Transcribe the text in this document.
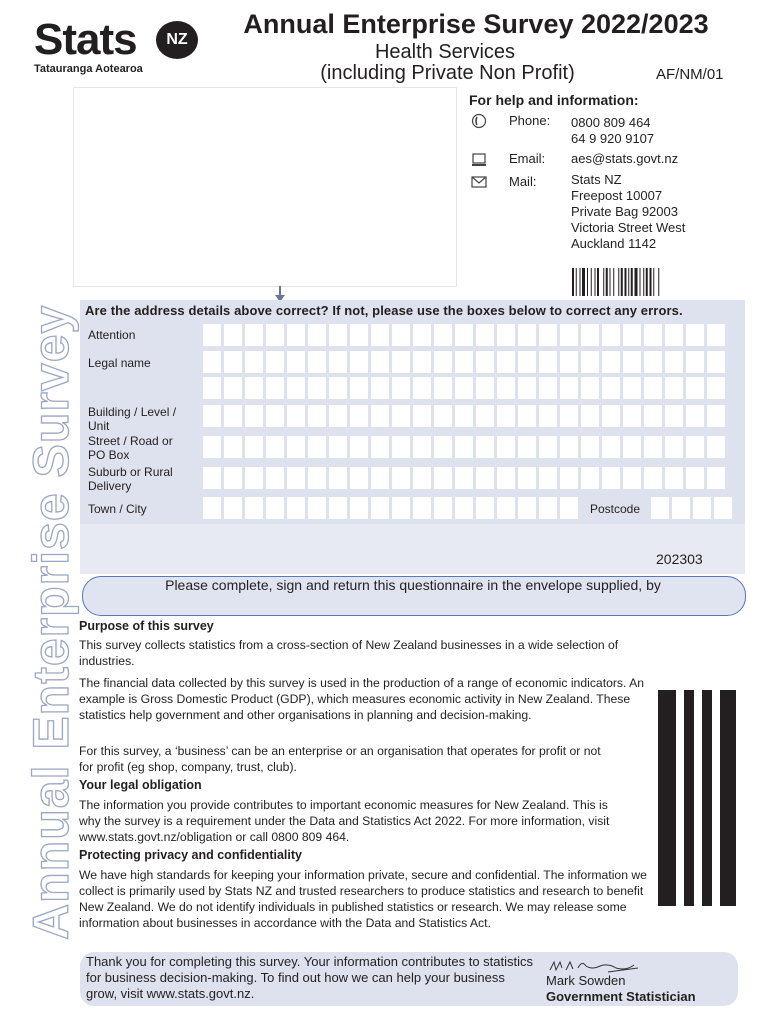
Stats	NZ
Tatauranga Aotearoa
Annual Enterprise Survey 2022/2023
Health Services
(including Private Non Profit)	AF/NM/01
For help and information:
Phone: 0800 809 464
64 9 920 9107
Email: aes@stats.govt.nz
Mail:	Stats NZ
Freepost 10007
Private Bag 92003
Victoria Street West
Auckland 1142
Are the address details above correct? If not, please use the boxes below to correct any errors.
Attention
Legal name
Building / Level /
Unit
Street / Road or
PO Box
Suburb or Rural
Delivery
Town / City	Postcode
202303
Please complete, sign and return this questionnaire in the envelope supplied, by
Annual Enterprise Survey Purpose of this survey
This survey collects statistics from a cross-section of New Zealand businesses in a wide selection of industries.
The financial data collected by this survey is used in the production of a range of economic indicators. An example is Gross Domestic Product (GDP), which measures economic activity in New Zealand. These statistics help government and other organisations in planning and decision-making.
For this survey, a ‘business’ can be an enterprise or an organisation that operates for profit or not for profit (eg shop, company, trust, club).
Your legal obligation
The information you provide contributes to important economic measures for New Zealand. This is why the survey is a requirement under the Data and Statistics Act 2022. For more information, visit www.stats.govt.nz/obligation or call 0800 809 464.
Protecting privacy and confidentiality
We have high standards for keeping your information private, secure and confidential. The information we collect is primarily used by Stats NZ and trusted researchers to produce statistics and research to benefit New Zealand. We do not identify individuals in published statistics or research. We may release some information about businesses in accordance with the Data and Statistics Act.
Thank you for completing this survey. Your information contributes to statistics for business decision-making. To find out how we can help your business grow, visit www.stats.govt.nz.
Mark Sowden
Government Statistician
